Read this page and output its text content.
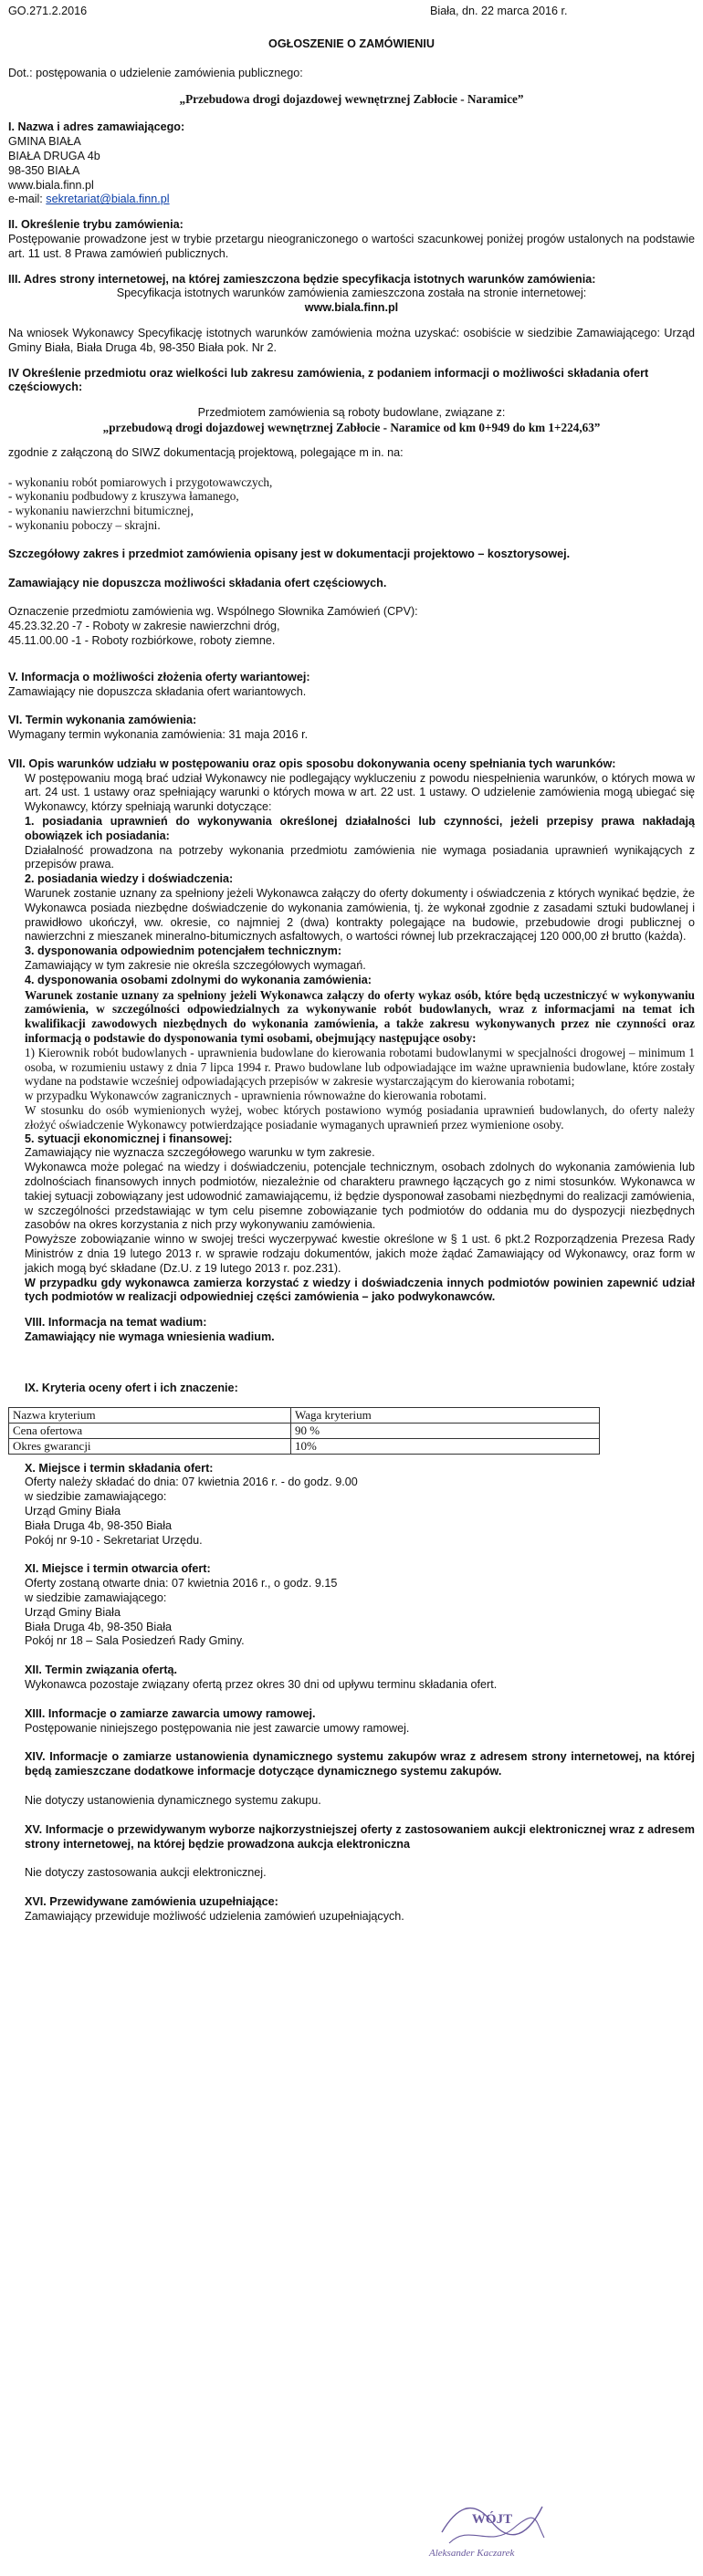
GO.271.2.2016	Biała, dn. 22 marca 2016 r.

OGŁOSZENIE O ZAMÓWIENIU

Dot.: postępowania o udzielenie zamówienia publicznego:

„Przebudowa drogi dojazdowej wewnętrznej Zabłocie - Naramice”

I. Nazwa i adres zamawiającego:

GMINA BIAŁA

BIAŁA DRUGA 4b

98-350 BIAŁA

www.biala.finn.pl

e-mail: sekretariat@biala.finn.pl

II. Określenie trybu zamówienia:

Postępowanie prowadzone jest w trybie przetargu nieograniczonego o wartości szacunkowej poniżej progów ustalonych na podstawie art. 11 ust. 8 Prawa zamówień publicznych.

III. Adres strony internetowej, na której zamieszczona będzie specyfikacja istotnych warunków zamówienia:

Specyfikacja istotnych warunków zamówienia zamieszczona została na stronie internetowej:

www.biala.finn.pl

Na wniosek Wykonawcy Specyfikację istotnych warunków zamówienia można uzyskać: osobiście w siedzibie Zamawiającego: Urząd Gminy Biała, Biała Druga 4b, 98-350 Biała pok. Nr 2.

IV Określenie przedmiotu oraz wielkości lub zakresu zamówienia, z podaniem informacji o możliwości składania ofert częściowych:

Przedmiotem zamówienia są roboty budowlane, związane z:

„przebudową drogi dojazdowej wewnętrznej Zabłocie - Naramice od km 0+949 do km 1+224,63”

zgodnie z załączoną do SIWZ dokumentacją projektową, polegające m in. na:

- wykonaniu robót pomiarowych i przygotowawczych,

- wykonaniu podbudowy z kruszywa łamanego,

- wykonaniu nawierzchni bitumicznej,

- wykonaniu poboczy – skrajni.

Szczegółowy zakres i przedmiot zamówienia opisany jest w dokumentacji projektowo – kosztorysowej.

Zamawiający nie dopuszcza możliwości składania ofert częściowych.

Oznaczenie przedmiotu zamówienia wg. Wspólnego Słownika Zamówień (CPV):

45.23.32.20 -7 - Roboty w zakresie nawierzchni dróg,

45.11.00.00 -1 - Roboty rozbiórkowe, roboty ziemne.

V. Informacja o możliwości złożenia oferty wariantowej:

Zamawiający nie dopuszcza składania ofert wariantowych.

VI. Termin wykonania zamówienia:

Wymagany termin wykonania zamówienia: 31 maja 2016 r.

VII. Opis warunków udziału w postępowaniu oraz opis sposobu dokonywania oceny spełniania tych warunków:

W postępowaniu mogą brać udział Wykonawcy nie podlegający wykluczeniu z powodu niespełnienia warunków, o których mowa w art. 24 ust. 1 ustawy oraz spełniający warunki o których mowa w art. 22 ust. 1 ustawy. O udzielenie zamówienia mogą ubiegać się Wykonawcy, którzy spełniają warunki dotyczące:

1. posiadania uprawnień do wykonywania określonej działalności lub czynności, jeżeli przepisy prawa nakładają obowiązek ich posiadania:

Działalność prowadzona na potrzeby wykonania przedmiotu zamówienia nie wymaga posiadania uprawnień wynikających z przepisów prawa.

2. posiadania wiedzy i doświadczenia:

Warunek zostanie uznany za spełniony jeżeli Wykonawca załączy do oferty dokumenty i oświadczenia z których wynikać będzie, że Wykonawca posiada niezbędne doświadczenie do wykonania zamówienia, tj. że wykonał zgodnie z zasadami sztuki budowlanej i prawidłowo ukończył, ww. okresie, co najmniej 2 (dwa) kontrakty polegające na budowie, przebudowie drogi publicznej o nawierzchni z mieszanek mineralno-bitumicznych asfaltowych, o wartości równej lub przekraczającej 120 000,00 zł brutto (każda).

3. dysponowania odpowiednim potencjałem technicznym:

Zamawiający w tym zakresie nie określa szczegółowych wymagań.

4. dysponowania osobami zdolnymi do wykonania zamówienia:

Warunek zostanie uznany za spełniony jeżeli Wykonawca załączy do oferty wykaz osób, które będą uczestniczyć w wykonywaniu zamówienia, w szczególności odpowiedzialnych za wykonywanie robót budowlanych, wraz z informacjami na temat ich kwalifikacji zawodowych niezbędnych do wykonania zamówienia, a także zakresu wykonywanych przez nie czynności oraz informacją o podstawie do dysponowania tymi osobami, obejmujący następujące osoby:

1) Kierownik robót budowlanych - uprawnienia budowlane do kierowania robotami budowlanymi w specjalności drogowej – minimum 1 osoba, w rozumieniu ustawy z dnia 7 lipca 1994 r. Prawo budowlane lub odpowiadające im ważne uprawnienia budowlane, które zostały wydane na podstawie wcześniej odpowiadających przepisów w zakresie wystarczającym do kierowania robotami;

w przypadku Wykonawców zagranicznych - uprawnienia równoważne do kierowania robotami.

W stosunku do osób wymienionych wyżej, wobec których postawiono wymóg posiadania uprawnień budowlanych, do oferty należy złożyć oświadczenie Wykonawcy potwierdzające posiadanie wymaganych uprawnień przez wymienione osoby.

5. sytuacji ekonomicznej i finansowej:

Zamawiający nie wyznacza szczegółowego warunku w tym zakresie.

Wykonawca może polegać na wiedzy i doświadczeniu, potencjale technicznym, osobach zdolnych do wykonania zamówienia lub zdolnościach finansowych innych podmiotów, niezależnie od charakteru prawnego łączących go z nimi stosunków. Wykonawca w takiej sytuacji zobowiązany jest udowodnić zamawiającemu, iż będzie dysponował zasobami niezbędnymi do realizacji zamówienia, w szczególności przedstawiając w tym celu pisemne zobowiązanie tych podmiotów do oddania mu do dyspozycji niezbędnych zasobów na okres korzystania z nich przy wykonywaniu zamówienia.

Powyższe zobowiązanie winno w swojej treści wyczerpywać kwestie określone w § 1 ust. 6 pkt.2 Rozporządzenia Prezesa Rady Ministrów z dnia 19 lutego 2013 r. w sprawie rodzaju dokumentów, jakich może żądać Zamawiający od Wykonawcy, oraz form w jakich mogą być składane (Dz.U. z 19 lutego 2013 r. poz.231).

W przypadku gdy wykonawca zamierza korzystać z wiedzy i doświadczenia innych podmiotów powinien zapewnić udział tych podmiotów w realizacji odpowiedniej części zamówienia – jako podwykonawców.

VIII. Informacja na temat wadium:

Zamawiający nie wymaga wniesienia wadium.

IX. Kryteria oceny ofert i ich znaczenie:

Nazwa kryterium	Waga kryterium
Cena ofertowa	90 %
Okres gwarancji	10%

X. Miejsce i termin składania ofert:

Oferty należy składać do dnia: 07 kwietnia 2016 r. - do godz. 9.00

w siedzibie zamawiającego:

Urząd Gminy Biała

Biała Druga 4b, 98-350 Biała

Pokój nr 9-10 - Sekretariat Urzędu.

XI. Miejsce i termin otwarcia ofert:

Oferty zostaną otwarte dnia: 07 kwietnia 2016 r., o godz. 9.15

w siedzibie zamawiającego:

Urząd Gminy Biała

Biała Druga 4b, 98-350 Biała

Pokój nr 18 – Sala Posiedzeń Rady Gminy.

XII. Termin związania ofertą.

Wykonawca pozostaje związany ofertą przez okres 30 dni od upływu terminu składania ofert.

XIII. Informacje o zamiarze zawarcia umowy ramowej.

Postępowanie niniejszego postępowania nie jest zawarcie umowy ramowej.

XIV. Informacje o zamiarze ustanowienia dynamicznego systemu zakupów wraz z adresem strony internetowej, na której będą zamieszczane dodatkowe informacje dotyczące dynamicznego systemu zakupów.

Nie dotyczy ustanowienia dynamicznego systemu zakupu.

XV. Informacje o przewidywanym wyborze najkorzystniejszej oferty z zastosowaniem aukcji elektronicznej wraz z adresem strony internetowej, na której będzie prowadzona aukcja elektroniczna

Nie dotyczy zastosowania aukcji elektronicznej.

XVI. Przewidywane zamówienia uzupełniające:

Zamawiający przewiduje możliwość udzielenia zamówień uzupełniających.

WÓJT
Aleksander Kaczarek
